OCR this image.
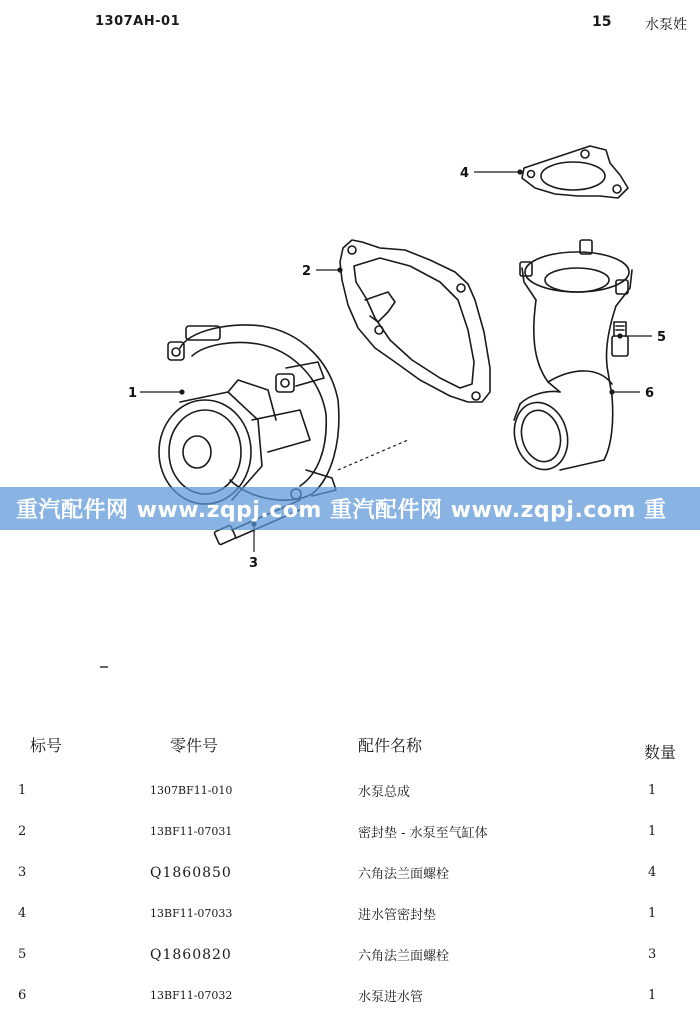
1307AH-01	15 水泵姓
1
2
3
4
5
6
重汽配件网 www.zqpj.com 重汽配件网 www.zqpj.com 重
标号	零件号	配件名称	数量
1	1307BF11-010	水泵总成	1
2	13BF11-07031	密封垫 - 水泵至气缸体	1
3	Q1860850	六角法兰面螺栓	4
4	13BF11-07033	进水管密封垫	1
5	Q1860820	六角法兰面螺栓	3
6	13BF11-07032	水泵进水管	1
